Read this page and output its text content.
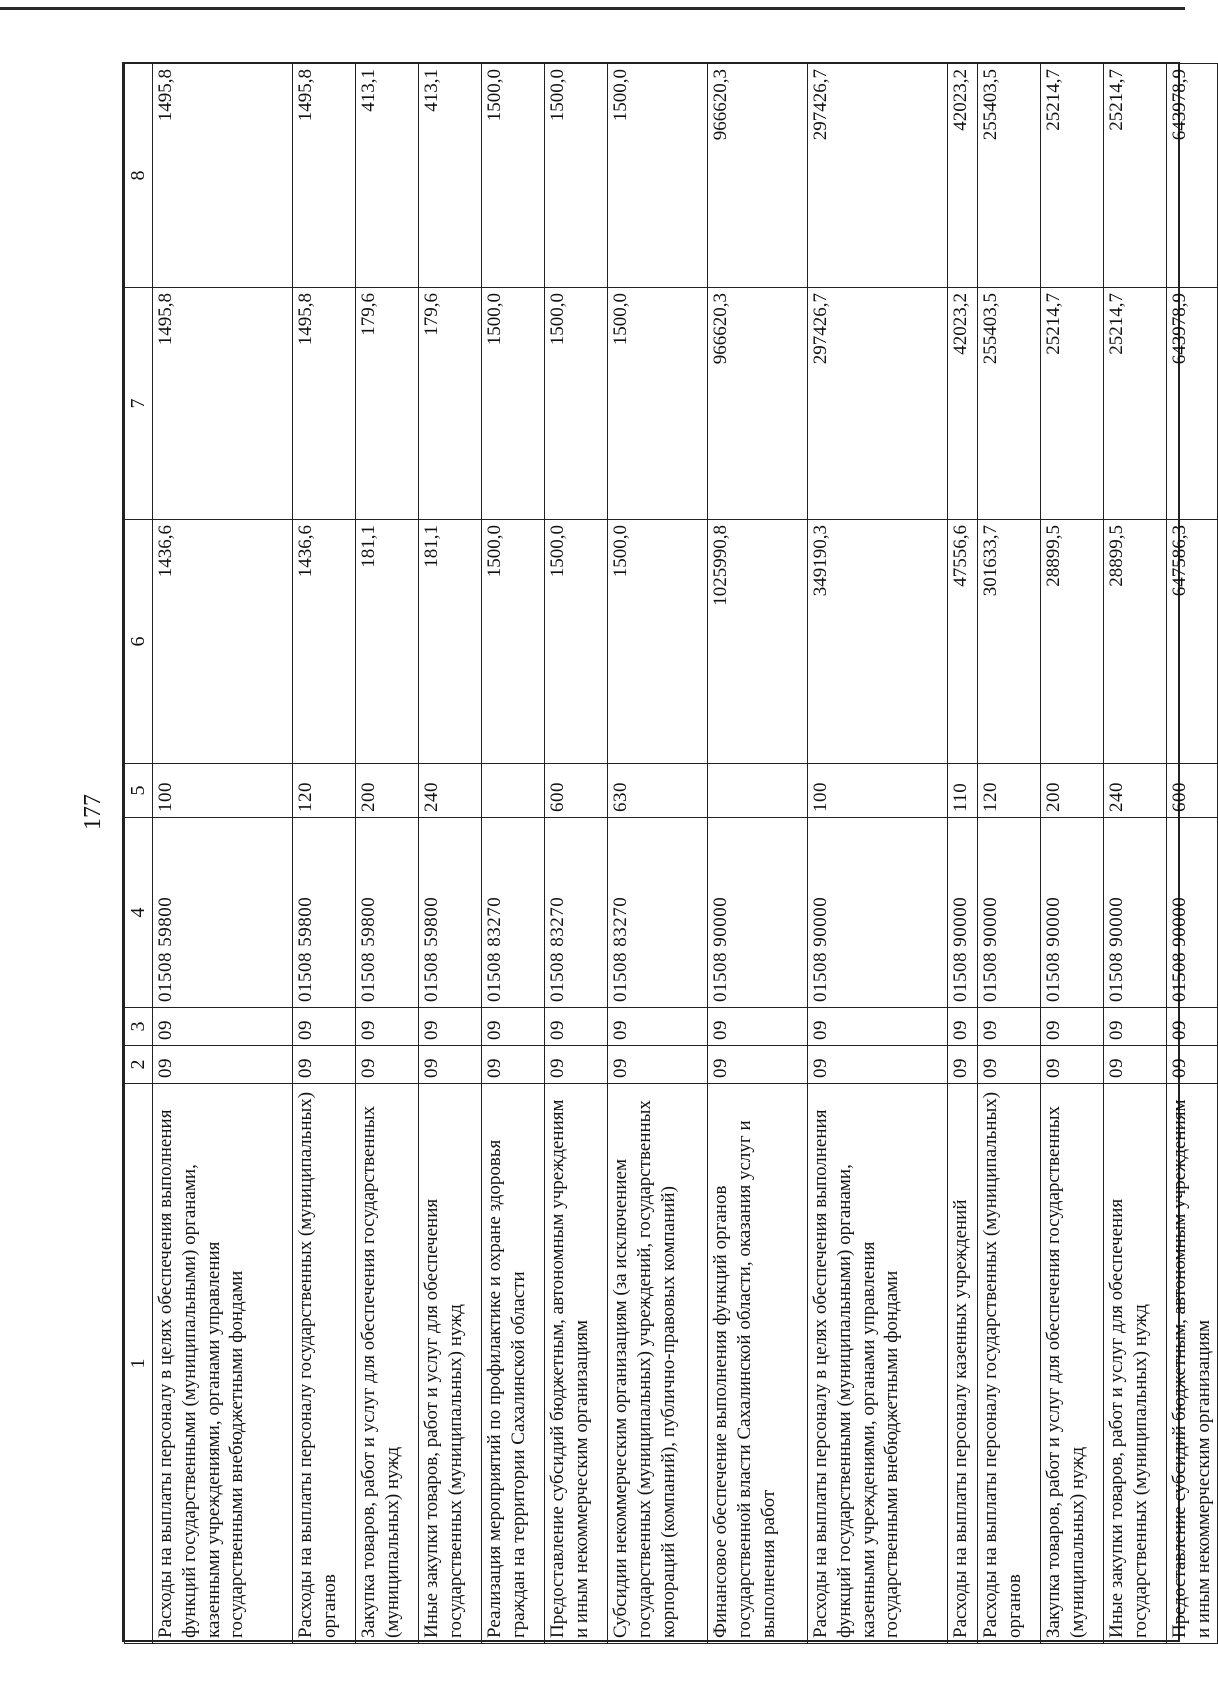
177
1	2	3	4	5	6	7	8
Расходы на выплаты персоналу в целях обеспечения выполнения функций государственными (муниципальными) органами, казенными учреждениями, органами управления государственными внебюджетными фондами	09	09	01508 59800	100	1436,6	1495,8	1495,8
Расходы на выплаты персоналу государственных (муниципальных) органов	09	09	01508 59800	120	1436,6	1495,8	1495,8
Закупка товаров, работ и услуг для обеспечения государственных (муниципальных) нужд	09	09	01508 59800	200	181,1	179,6	413,1
Иные закупки товаров, работ и услуг для обеспечения государственных (муниципальных) нужд	09	09	01508 59800	240	181,1	179,6	413,1
Реализация мероприятий по профилактике и охране здоровья граждан на территории Сахалинской области	09	09	01508 83270		1500,0	1500,0	1500,0
Предоставление субсидий бюджетным, автономным учреждениям и иным некоммерческим организациям	09	09	01508 83270	600	1500,0	1500,0	1500,0
Субсидии некоммерческим организациям (за исключением государственных (муниципальных) учреждений, государственных корпораций (компаний), публично-правовых компаний)	09	09	01508 83270	630	1500,0	1500,0	1500,0
Финансовое обеспечение выполнения функций органов государственной власти Сахалинской области, оказания услуг и выполнения работ	09	09	01508 90000		1025990,8	966620,3	966620,3
Расходы на выплаты персоналу в целях обеспечения выполнения функций государственными (муниципальными) органами, казенными учреждениями, органами управления государственными внебюджетными фондами	09	09	01508 90000	100	349190,3	297426,7	297426,7
Расходы на выплаты персоналу казенных учреждений	09	09	01508 90000	110	47556,6	42023,2	42023,2
Расходы на выплаты персоналу государственных (муниципальных) органов	09	09	01508 90000	120	301633,7	255403,5	255403,5
Закупка товаров, работ и услуг для обеспечения государственных (муниципальных) нужд	09	09	01508 90000	200	28899,5	25214,7	25214,7
Иные закупки товаров, работ и услуг для обеспечения государственных (муниципальных) нужд	09	09	01508 90000	240	28899,5	25214,7	25214,7
Предоставление субсидий бюджетным, автономным учреждениям и иным некоммерческим организациям	09	09	01508 90000	600	647586,3	643978,9	643978,9
